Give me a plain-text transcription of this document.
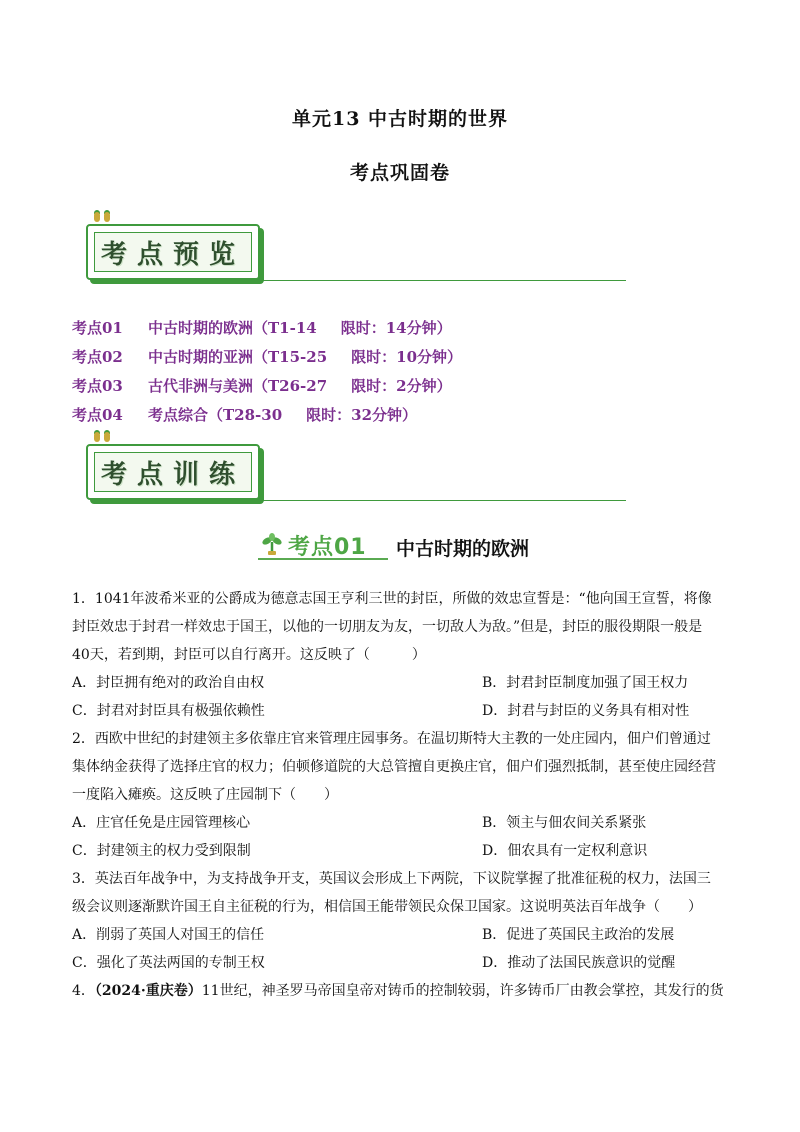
单元13 中古时期的世界
考点巩固卷
考点预览
考点01	中古时期的欧洲（T1-14 限时：14分钟）
考点02	中古时期的亚洲（T15-25 限时：10分钟）
考点03	古代非洲与美洲（T26-27 限时：2分钟）
考点04	考点综合（T28-30 限时：32分钟）
考点训练
考点01 中古时期的欧洲
1．1041年波希米亚的公爵成为德意志国王亨利三世的封臣，所做的效忠宣誓是：“他向国王宣誓，将像
封臣效忠于封君一样效忠于国王，以他的一切朋友为友，一切敌人为敌。”但是，封臣的服役期限一般是
40天，若到期，封臣可以自行离开。这反映了（　　　）
A．封臣拥有绝对的政治自由权	B．封君封臣制度加强了国王权力
C．封君对封臣具有极强依赖性	D．封君与封臣的义务具有相对性
2．西欧中世纪的封建领主多依靠庄官来管理庄园事务。在温切斯特大主教的一处庄园内，佃户们曾通过
集体纳金获得了选择庄官的权力；伯顿修道院的大总管擅自更换庄官，佃户们强烈抵制，甚至使庄园经营
一度陷入瘫痪。这反映了庄园制下（　　）
A．庄官任免是庄园管理核心	B．领主与佃农间关系紧张
C．封建领主的权力受到限制	D．佃农具有一定权利意识
3．英法百年战争中，为支持战争开支，英国议会形成上下两院，下议院掌握了批准征税的权力，法国三
级会议则逐渐默许国王自主征税的行为，相信国王能带领民众保卫国家。这说明英法百年战争（　　）
A．削弱了英国人对国王的信任	B．促进了英国民主政治的发展
C．强化了英法两国的专制王权	D．推动了法国民族意识的觉醒
4．（2024·重庆卷）11世纪，神圣罗马帝国皇帝对铸币的控制较弱，许多铸币厂由教会掌控，其发行的货
